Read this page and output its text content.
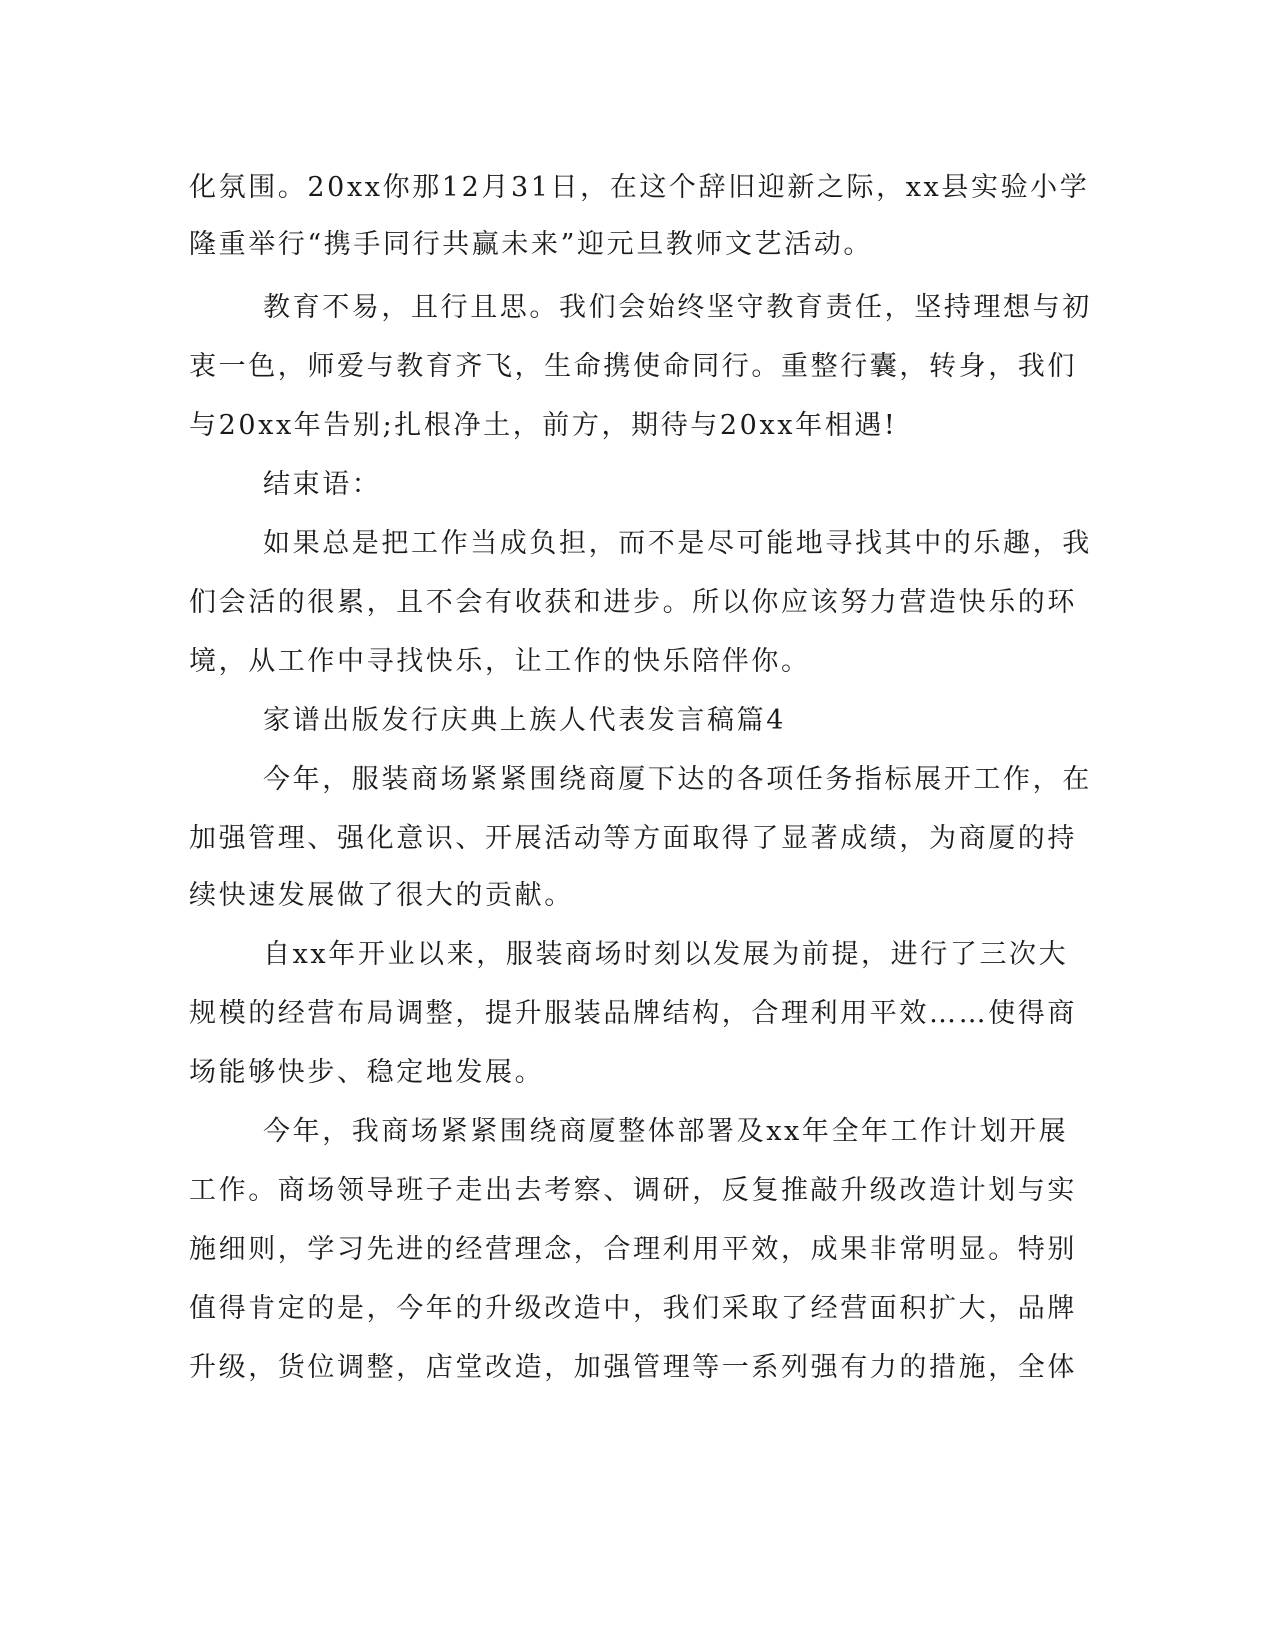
化氛围。20xx你那12月31日，在这个辞旧迎新之际，xx县实验小学
隆重举行“携手同行共赢未来”迎元旦教师文艺活动。
教育不易，且行且思。我们会始终坚守教育责任，坚持理想与初
衷一色，师爱与教育齐飞，生命携使命同行。重整行囊，转身，我们
与20xx年告别;扎根净土，前方，期待与20xx年相遇!
结束语：
如果总是把工作当成负担，而不是尽可能地寻找其中的乐趣，我
们会活的很累，且不会有收获和进步。所以你应该努力营造快乐的环
境，从工作中寻找快乐，让工作的快乐陪伴你。
家谱出版发行庆典上族人代表发言稿篇4
今年，服装商场紧紧围绕商厦下达的各项任务指标展开工作，在
加强管理、强化意识、开展活动等方面取得了显著成绩，为商厦的持
续快速发展做了很大的贡献。
自xx年开业以来，服装商场时刻以发展为前提，进行了三次大
规模的经营布局调整，提升服装品牌结构，合理利用平效……使得商
场能够快步、稳定地发展。
今年，我商场紧紧围绕商厦整体部署及xx年全年工作计划开展
工作。商场领导班子走出去考察、调研，反复推敲升级改造计划与实
施细则，学习先进的经营理念，合理利用平效，成果非常明显。特别
值得肯定的是，今年的升级改造中，我们采取了经营面积扩大，品牌
升级，货位调整，店堂改造，加强管理等一系列强有力的措施，全体
